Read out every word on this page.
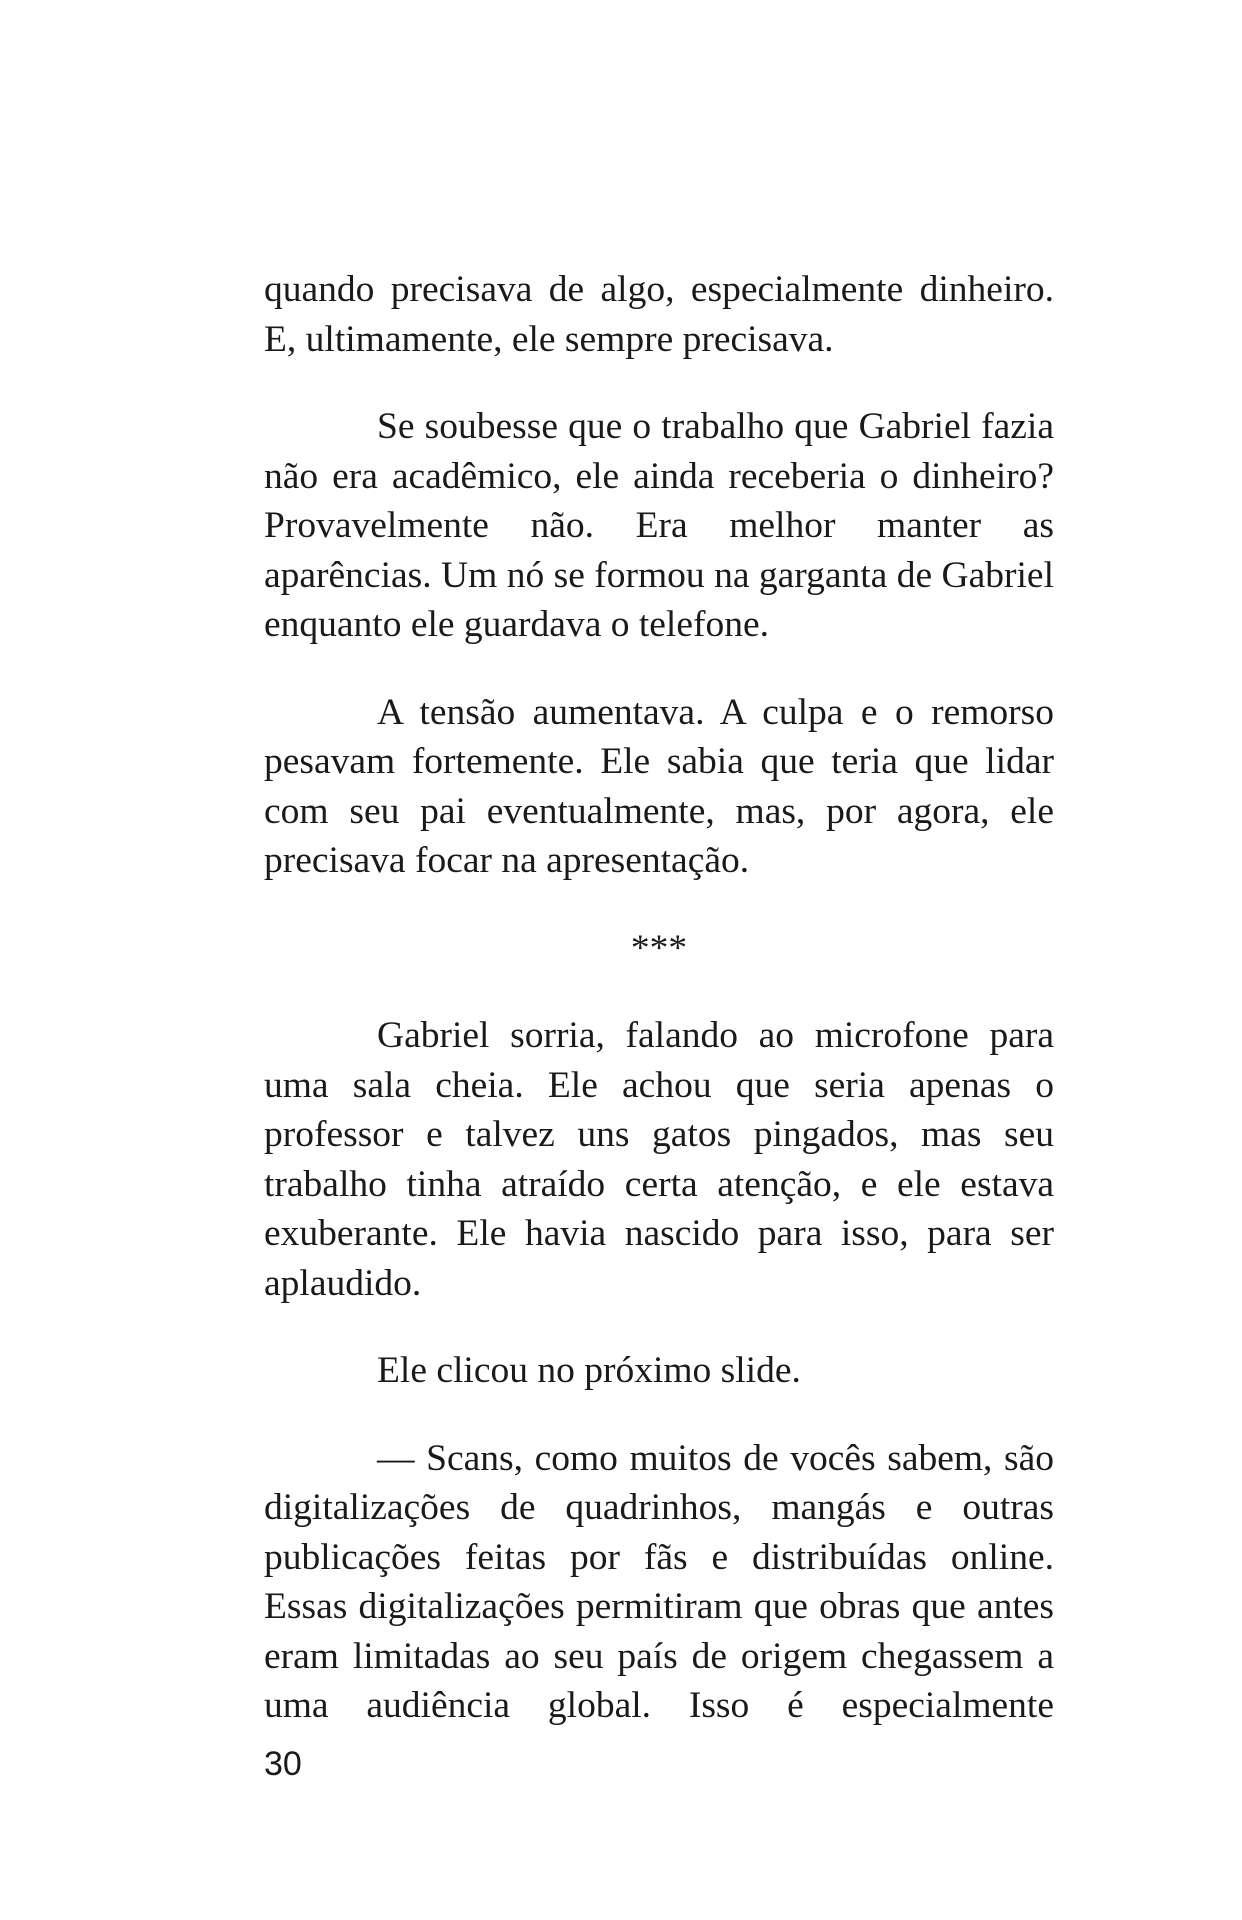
quando precisava de algo, especialmente dinheiro. E, ultimamente, ele sempre precisava.

Se soubesse que o trabalho que Gabriel fazia não era acadêmico, ele ainda receberia o dinheiro? Provavelmente não. Era melhor manter as aparências. Um nó se formou na garganta de Gabriel enquanto ele guardava o telefone.

A tensão aumentava. A culpa e o remorso pesavam fortemente. Ele sabia que teria que lidar com seu pai eventualmente, mas, por agora, ele precisava focar na apresentação.

***

Gabriel sorria, falando ao microfone para uma sala cheia. Ele achou que seria apenas o professor e talvez uns gatos pingados, mas seu trabalho tinha atraído certa atenção, e ele estava exuberante. Ele havia nascido para isso, para ser aplaudido.

Ele clicou no próximo slide.

— Scans, como muitos de vocês sabem, são digitalizações de quadrinhos, mangás e outras publicações feitas por fãs e distribuídas online. Essas digitalizações permitiram que obras que antes eram limitadas ao seu país de origem chegassem a uma audiência global. Isso é especialmente

30
